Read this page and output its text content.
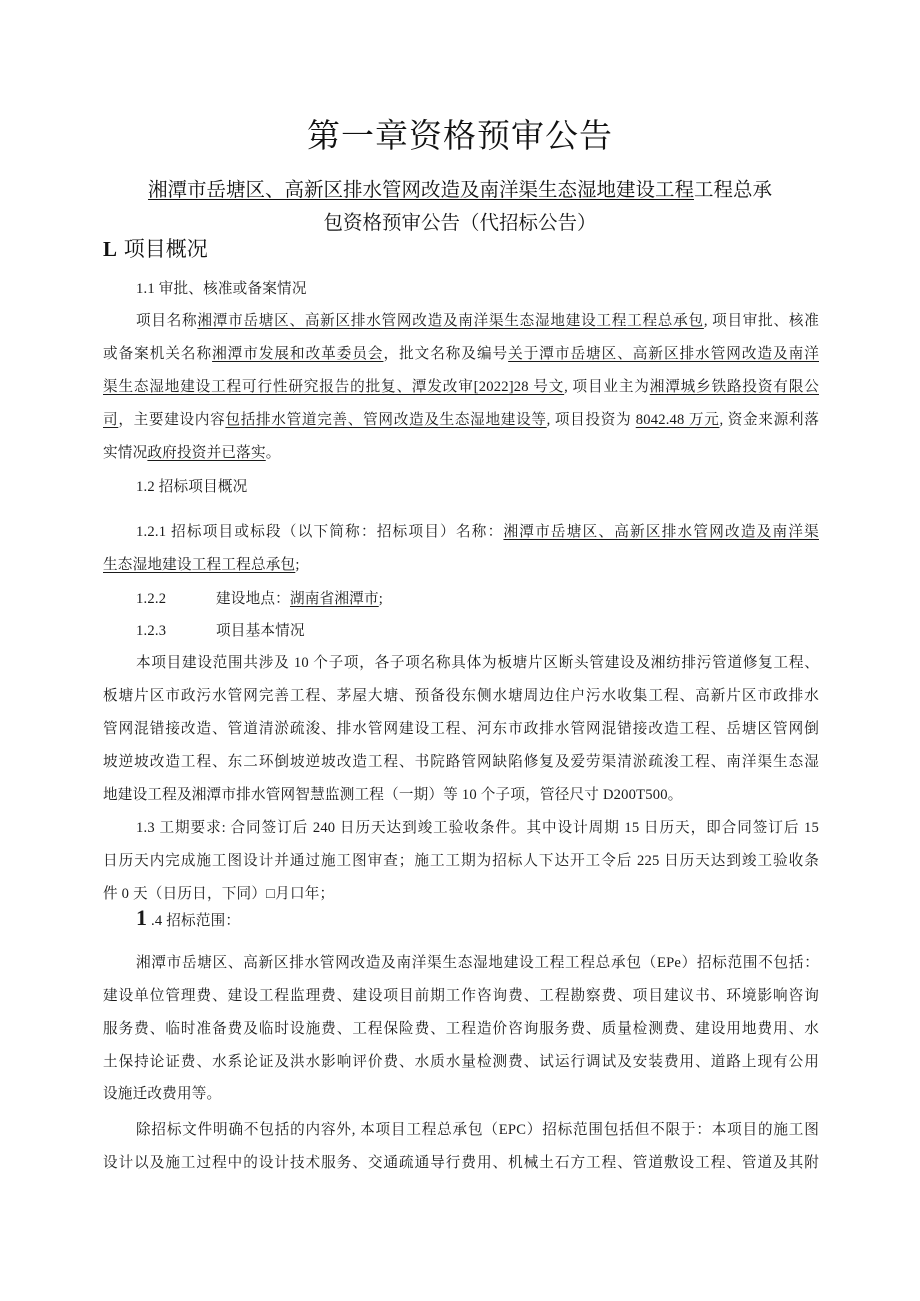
第一章资格预审公告
湘潭市岳塘区、高新区排水管网改造及南洋渠生态湿地建设工程工程总承
包资格预审公告（代招标公告）
L 项目概况
1.1 审批、核准或备案情况
项目名称湘潭市岳塘区、高新区排水管网改造及南洋渠生态湿地建设工程工程总承包, 项目审批、核准
或备案机关名称湘潭市发展和改革委员会，批文名称及编号关于潭市岳塘区、高新区排水管网改造及南洋
渠生态湿地建设工程可行性研究报告的批复、潭发改审[2022]28 号文, 项目业主为湘潭城乡铁路投资有限公
司，主要建设内容包括排水管道完善、管网改造及生态湿地建设等, 项目投资为 8042.48 万元, 资金来源利落
实情况政府投资并已落实。
1.2 招标项目概况
1.2.1 招标项目或标段（以下简称：招标项目）名称：湘潭市岳塘区、高新区排水管网改造及南洋渠
生态湿地建设工程工程总承包;
1.2.2	建设地点：湖南省湘潭市;
1.2.3	项目基本情况
本项目建设范围共涉及 10 个子项，各子项名称具体为板塘片区断头管建设及湘纺排污管道修复工程、
板塘片区市政污水管网完善工程、茅屋大塘、预备役东侧水塘周边住户污水收集工程、高新片区市政排水
管网混错接改造、管道清淤疏浚、排水管网建设工程、河东市政排水管网混错接改造工程、岳塘区管网倒
坡逆坡改造工程、东二环倒坡逆坡改造工程、书院路管网缺陷修复及爱劳渠清淤疏浚工程、南洋渠生态湿
地建设工程及湘潭市排水管网智慧监测工程（一期）等 10 个子项，管径尺寸 D200T500。
1.3 工期要求: 合同签订后 240 日历天达到竣工验收条件。其中设计周期 15 日历天，即合同签订后 15
日历天内完成施工图设计并通过施工图审查；施工工期为招标人下达开工令后 225 日历天达到竣工验收条
件 0 天（日历日，下同）□月口年；
1 .4 招标范围：
湘潭市岳塘区、高新区排水管网改造及南洋渠生态湿地建设工程工程总承包（EPe）招标范围不包括：
建设单位管理费、建设工程监理费、建设项目前期工作咨询费、工程勘察费、项目建议书、环境影响咨询
服务费、临时准备费及临时设施费、工程保险费、工程造价咨询服务费、质量检测费、建设用地费用、水
土保持论证费、水系论证及洪水影响评价费、水质水量检测费、试运行调试及安装费用、道路上现有公用
设施迁改费用等。
除招标文件明确不包括的内容外, 本项目工程总承包（EPC）招标范围包括但不限于：本项目的施工图
设计以及施工过程中的设计技术服务、交通疏通导行费用、机械土石方工程、管道敷设工程、管道及其附
